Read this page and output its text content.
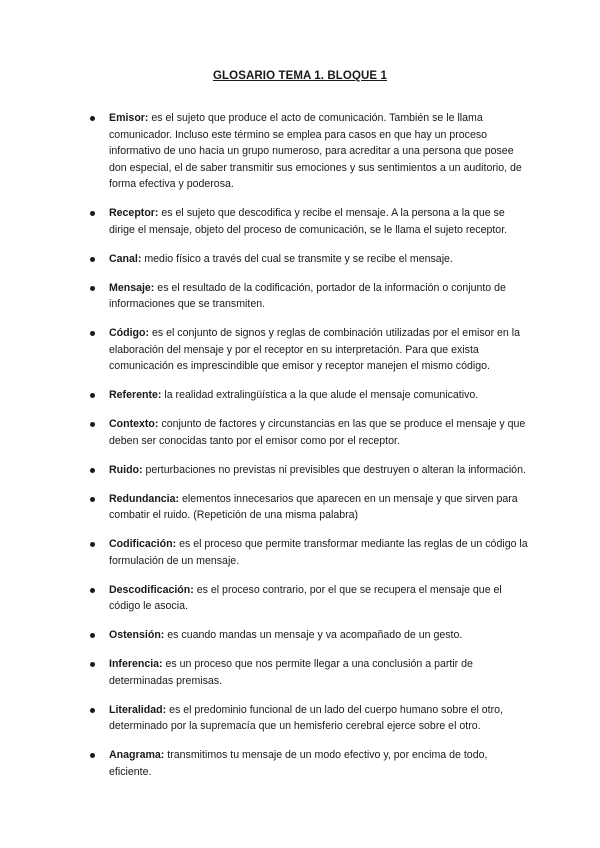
GLOSARIO TEMA 1. BLOQUE 1
Emisor: es el sujeto que produce el acto de comunicación. También se le llama comunicador. Incluso este término se emplea para casos en que hay un proceso informativo de uno hacia un grupo numeroso, para acreditar a una persona que posee don especial, el de saber transmitir sus emociones y sus sentimientos a un auditorio, de forma efectiva y poderosa.
Receptor: es el sujeto que descodifica y recibe el mensaje. A la persona a la que se dirige el mensaje, objeto del proceso de comunicación, se le llama el sujeto receptor.
Canal: medio físico a través del cual se transmite y se recibe el mensaje.
Mensaje: es el resultado de la codificación, portador de la información o conjunto de informaciones que se transmiten.
Código: es el conjunto de signos y reglas de combinación utilizadas por el emisor en la elaboración del mensaje y por el receptor en su interpretación. Para que exista comunicación es imprescindible que emisor y receptor manejen el mismo código.
Referente: la realidad extralingüística a la que alude el mensaje comunicativo.
Contexto: conjunto de factores y circunstancias en las que se produce el mensaje y que deben ser conocidas tanto por el emisor como por el receptor.
Ruido: perturbaciones no previstas ni previsibles que destruyen o alteran la información.
Redundancia: elementos innecesarios que aparecen en un mensaje y que sirven para combatir el ruido. (Repetición de una misma palabra)
Codificación: es el proceso que permite transformar mediante las reglas de un código la formulación de un mensaje.
Descodificación: es el proceso contrario, por el que se recupera el mensaje que el código le asocia.
Ostensión: es cuando mandas un mensaje y va acompañado de un gesto.
Inferencia: es un proceso que nos permite llegar a una conclusión a partir de determinadas premisas.
Literalidad: es el predominio funcional de un lado del cuerpo humano sobre el otro, determinado por la supremacía que un hemisferio cerebral ejerce sobre el otro.
Anagrama: transmitimos tu mensaje de un modo efectivo y, por encima de todo, eficiente.
